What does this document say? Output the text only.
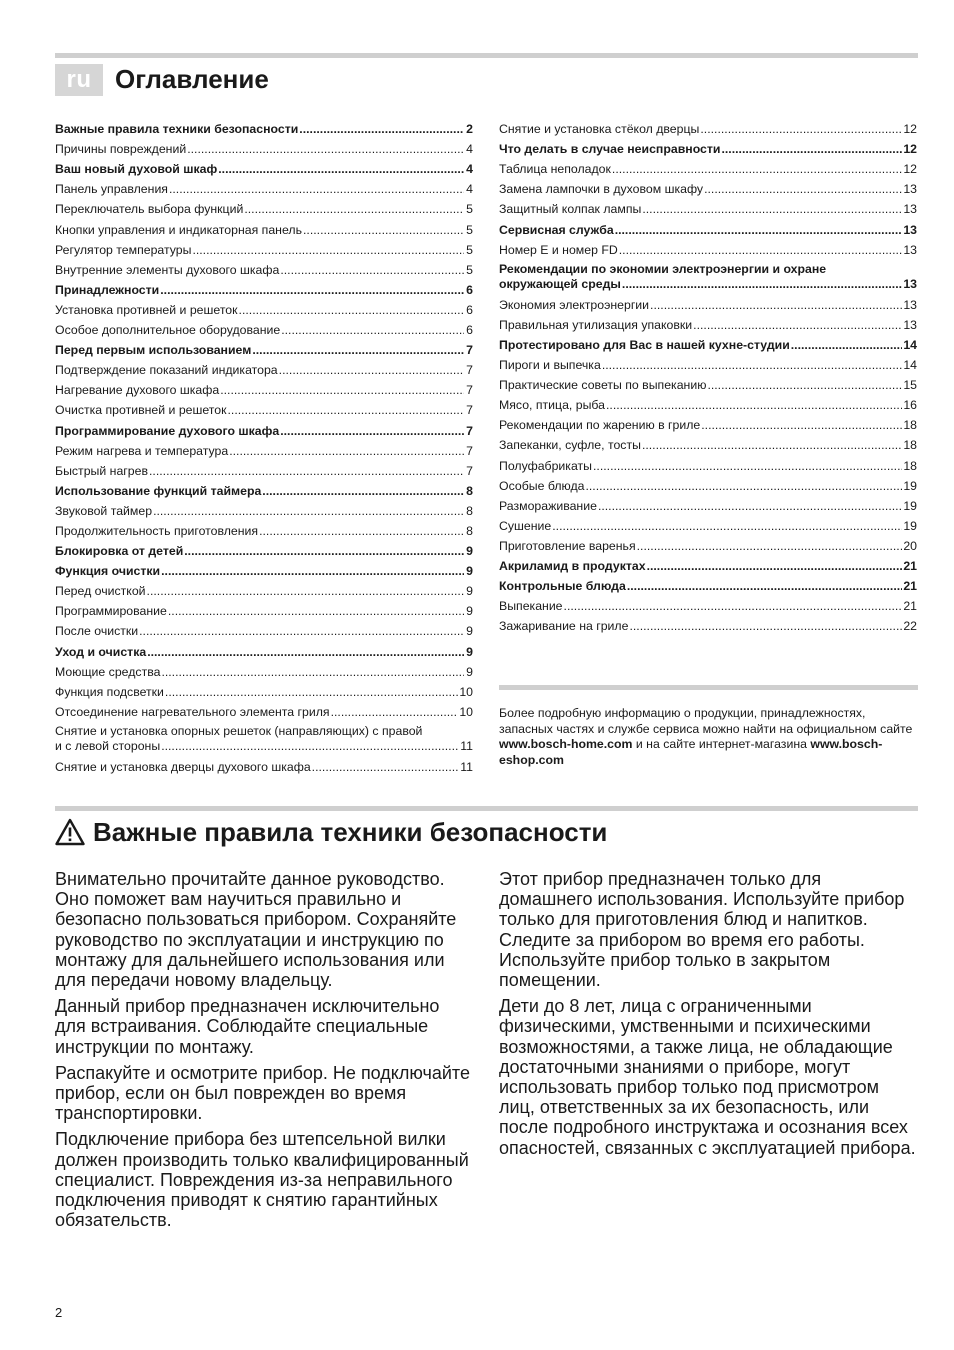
ru Оглавление
Важные правила техники безопасности .....	2
Причины повреждений .....	4
Ваш новый духовой шкаф .....	4
Панель управления .....	4
Переключатель выбора функций .....	5
Кнопки управления и индикаторная панель .....	5
Регулятор температуры .....	5
Внутренние элементы духового шкафа .....	5
Принадлежности .....	6
Установка противней и решеток .....	6
Особое дополнительное оборудование .....	6
Перед первым использованием .....	7
Подтверждение показаний индикатора .....	7
Нагревание духового шкафа .....	7
Очистка противней и решеток .....	7
Программирование духового шкафа .....	7
Режим нагрева и температура .....	7
Быстрый нагрев .....	7
Использование функций таймера .....	8
Звуковой таймер .....	8
Продолжительность приготовления .....	8
Блокировка от детей .....	9
Функция очистки .....	9
Перед очисткой .....	9
Программирование .....	9
После очистки .....	9
Уход и очистка .....	9
Моющие средства .....	9
Функция подсветки .....	10
Отсоединение нагревательного элемента гриля .....	10
Снятие и установка опорных решеток (направляющих) с правой
и с левой стороны .....	11
Снятие и установка дверцы духового шкафа .....	11
Снятие и установка стёкол дверцы .....	12
Что делать в случае неисправности .....	12
Таблица неполадок .....	12
Замена лампочки в духовом шкафу .....	13
Защитный колпак лампы .....	13
Сервисная служба .....	13
Номер E и номер FD .....	13
Рекомендации по экономии электроэнергии и охране
окружающей среды .....	13
Экономия электроэнергии .....	13
Правильная утилизация упаковки .....	13
Протестировано для Вас в нашей кухне-студии .....	14
Пироги и выпечка .....	14
Практические советы по выпеканию .....	15
Мясо, птица, рыба .....	16
Рекомендации по жарению в гриле .....	18
Запеканки, суфле, тосты .....	18
Полуфабрикаты .....	18
Особые блюда .....	19
Размораживание .....	19
Сушение .....	19
Приготовление варенья .....	20
Акриламид в продуктах .....	21
Контрольные блюда .....	21
Выпекание .....	21
Зажаривание на гриле .....	22
Более подробную информацию о продукции, принадлежностях, запасных частях и службе сервиса можно найти на официальном сайте www.bosch-home.com и на сайте интернет-магазина www.bosch-eshop.com
Важные правила техники безопасности

Внимательно прочитайте данное руководство. Оно поможет вам научиться правильно и безопасно пользоваться прибором. Сохраняйте руководство по эксплуатации и инструкцию по монтажу для дальнейшего использования или для передачи новому владельцу.

Данный прибор предназначен исключительно для встраивания. Соблюдайте специальные инструкции по монтажу.

Распакуйте и осмотрите прибор. Не подключайте прибор, если он был поврежден во время транспортировки.

Подключение прибора без штепсельной вилки должен производить только квалифицированный специалист. Повреждения из-за неправильного подключения приводят к снятию гарантийных обязательств.

Этот прибор предназначен только для домашнего использования. Используйте прибор только для приготовления блюд и напитков. Следите за прибором во время его работы. Используйте прибор только в закрытом помещении.

Дети до 8 лет, лица с ограниченными физическими, умственными и психическими возможностями, а также лица, не обладающие достаточными знаниями о приборе, могут использовать прибор только под присмотром лиц, ответственных за их безопасность, или после подробного инструктажа и осознания всех опасностей, связанных с эксплуатацией прибора.

2
